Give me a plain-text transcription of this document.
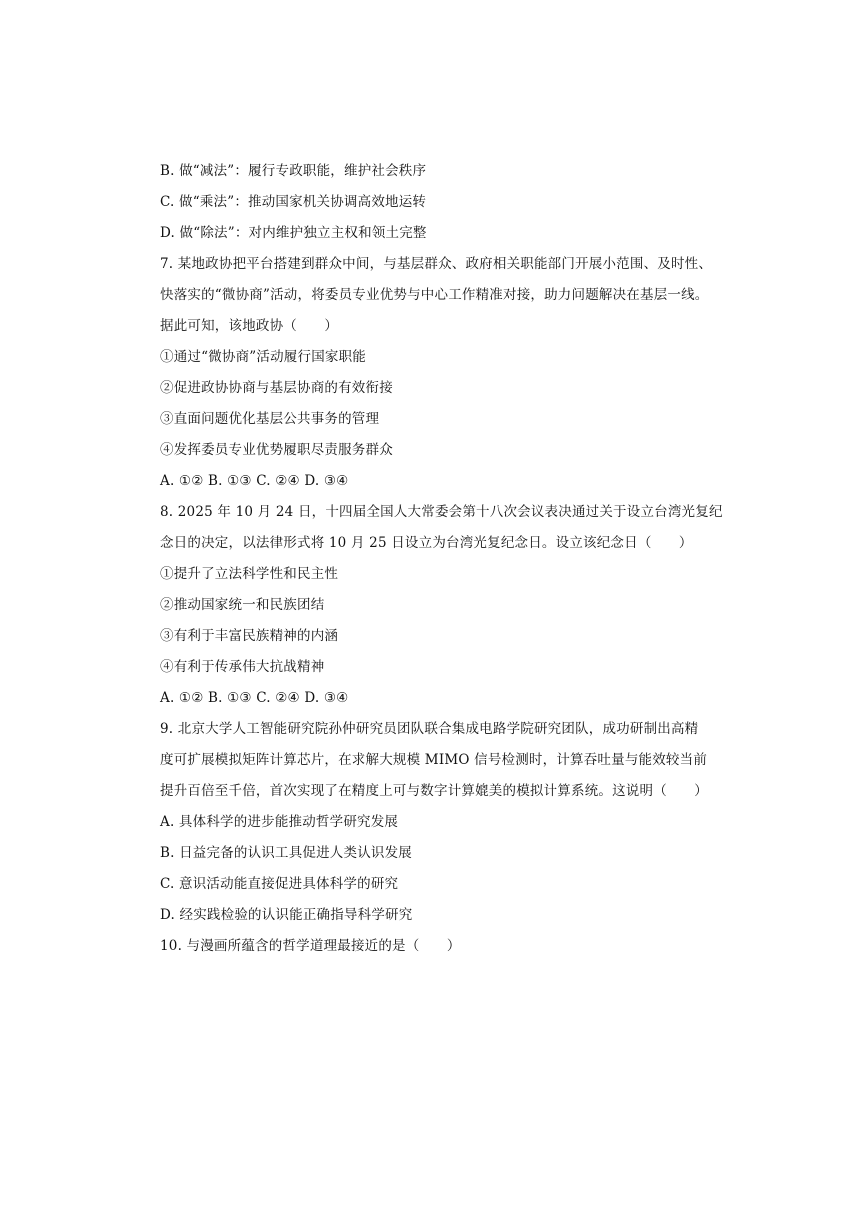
B. 做“减法”：履行专政职能，维护社会秩序
C. 做“乘法”：推动国家机关协调高效地运转
D. 做“除法”：对内维护独立主权和领土完整
7. 某地政协把平台搭建到群众中间，与基层群众、政府相关职能部门开展小范围、及时性、
快落实的“微协商”活动，将委员专业优势与中心工作精准对接，助力问题解决在基层一线。
据此可知，该地政协（　　）
①通过“微协商”活动履行国家职能
②促进政协协商与基层协商的有效衔接
③直面问题优化基层公共事务的管理
④发挥委员专业优势履职尽责服务群众
A. ①② B. ①③ C. ②④ D. ③④
8. 2025 年 10 月 24 日，十四届全国人大常委会第十八次会议表决通过关于设立台湾光复纪
念日的决定，以法律形式将 10 月 25 日设立为台湾光复纪念日。设立该纪念日（　　）
①提升了立法科学性和民主性
②推动国家统一和民族团结
③有利于丰富民族精神的内涵
④有利于传承伟大抗战精神
A. ①② B. ①③ C. ②④ D. ③④
9. 北京大学人工智能研究院孙仲研究员团队联合集成电路学院研究团队，成功研制出高精
度可扩展模拟矩阵计算芯片，在求解大规模 MIMO 信号检测时，计算吞吐量与能效较当前
提升百倍至千倍，首次实现了在精度上可与数字计算媲美的模拟计算系统。这说明（　　）
A. 具体科学的进步能推动哲学研究发展
B. 日益完备的认识工具促进人类认识发展
C. 意识活动能直接促进具体科学的研究
D. 经实践检验的认识能正确指导科学研究
10. 与漫画所蕴含的哲学道理最接近的是（　　）
